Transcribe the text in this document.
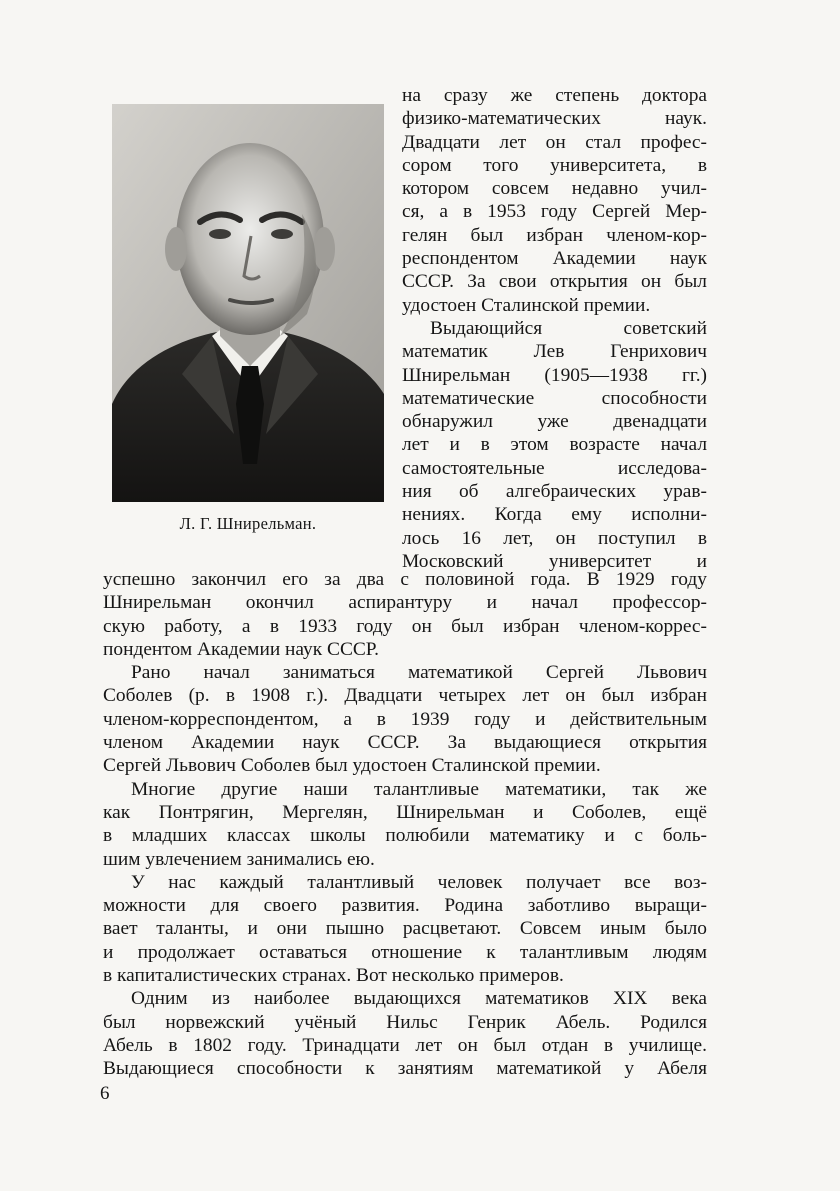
Л. Г. Шнирельман.
на сразу же степень доктора
физико-математических наук.
Двадцати лет он стал профес-
сором того университета, в
котором совсем недавно учил-
ся, а в 1953 году Сергей Мер-
гелян был избран членом-кор-
респондентом Академии наук
СССР. За свои открытия он был
удостоен Сталинской премии.
Выдающийся советский
математик Лев Генрихович
Шнирельман (1905—1938 гг.)
математические способности
обнаружил уже двенадцати
лет и в этом возрасте начал
самостоятельные исследова-
ния об алгебраических урав-
нениях. Когда ему исполни-
лось 16 лет, он поступил в
Московский университет и
успешно закончил его за два с половиной года. В 1929 году
Шнирельман окончил аспирантуру и начал профессор-
скую работу, а в 1933 году он был избран членом-коррес-
пондентом Академии наук СССР.
Рано начал заниматься математикой Сергей Львович
Соболев (р. в 1908 г.). Двадцати четырех лет он был избран
членом-корреспондентом, а в 1939 году и действительным
членом Академии наук СССР. За выдающиеся открытия
Сергей Львович Соболев был удостоен Сталинской премии.
Многие другие наши талантливые математики, так же
как Понтрягин, Мергелян, Шнирельман и Соболев, ещё
в младших классах школы полюбили математику и с боль-
шим увлечением занимались ею.
У нас каждый талантливый человек получает все воз-
можности для своего развития. Родина заботливо выращи-
вает таланты, и они пышно расцветают. Совсем иным было
и продолжает оставаться отношение к талантливым людям
в капиталистических странах. Вот несколько примеров.
Одним из наиболее выдающихся математиков XIX века
был норвежский учёный Нильс Генрик Абель. Родился
Абель в 1802 году. Тринадцати лет он был отдан в училище.
Выдающиеся способности к занятиям математикой у Абеля
6
